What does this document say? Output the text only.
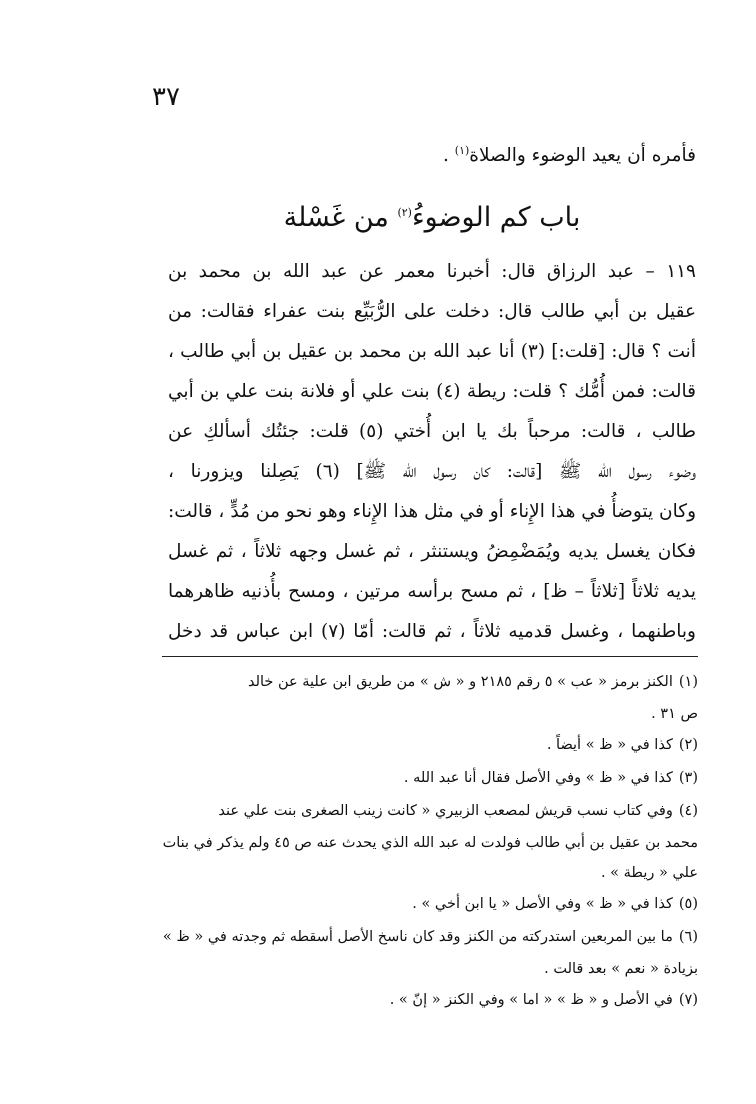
٣٧
فأمره أن يعيد الوضوء والصلاة$^{(١)}$ .
باب كم الوضوءُ$^{(٢)}$ من غَسْلة
١١٩ – عبد الرزاق قال: أخبرنا معمر عن عبد الله بن محمد بن
عقيل بن أبي طالب قال: دخلت على الرُّبَيِّع بنت عفراء فقالت: من
أنت ؟ قال: [قلت:] (٣) أنا عبد الله بن محمد بن عقيل بن أبي طالب ،
قالت: فمن أُمُّك ؟ قلت: ريطة (٤) بنت علي أو فلانة بنت علي بن أبي
طالب ، قالت: مرحباً بك يا ابن أُختي (٥) قلت: جئتُك أسألكِ عن
وضوء رسول الله ﷺ [قالت: كان رسول الله ﷺ] (٦) يَصِلنا ويزورنا ،
وكان يتوضأُ في هذا الإِناء أو في مثل هذا الإِناء وهو نحو من مُدٍّ ، قالت:
فكان يغسل يديه ويُمَضْمِضُ ويستنثر ، ثم غسل وجهه ثلاثاً ، ثم غسل
يديه ثلاثاً [ثلاثاً – ظ] ، ثم مسح برأسه مرتين ، ومسح بأُذنيه ظاهرهما
وباطنهما ، وغسل قدميه ثلاثاً ، ثم قالت: أمّا (٧) ابن عباس قد دخل
(١)الكنز برمز « عب » ٥ رقم ٢١٨٥ و « ش » من طريق ابن علية عن خالد
ص ٣١ .
(٢)كذا في « ظ » أيضاً .
(٣)كذا في « ظ » وفي الأصل فقال أنا عبد الله .
(٤)وفي كتاب نسب قريش لمصعب الزبيري « كانت زينب الصغرى بنت علي عند
محمد بن عقيل بن أبي طالب فولدت له عبد الله الذي يحدث عنه ص ٤٥ ولم يذكر في بنات
علي « ريطة » .
(٥)كذا في « ظ » وفي الأصل « يا ابن أخي » .
(٦)ما بين المربعين استدركته من الكنز وقد كان ناسخ الأصل أسقطه ثم وجدته في « ظ »
بزيادة « نعم » بعد قالت .
(٧)في الأصل و « ظ » « اما » وفي الكنز « إنّ » .
